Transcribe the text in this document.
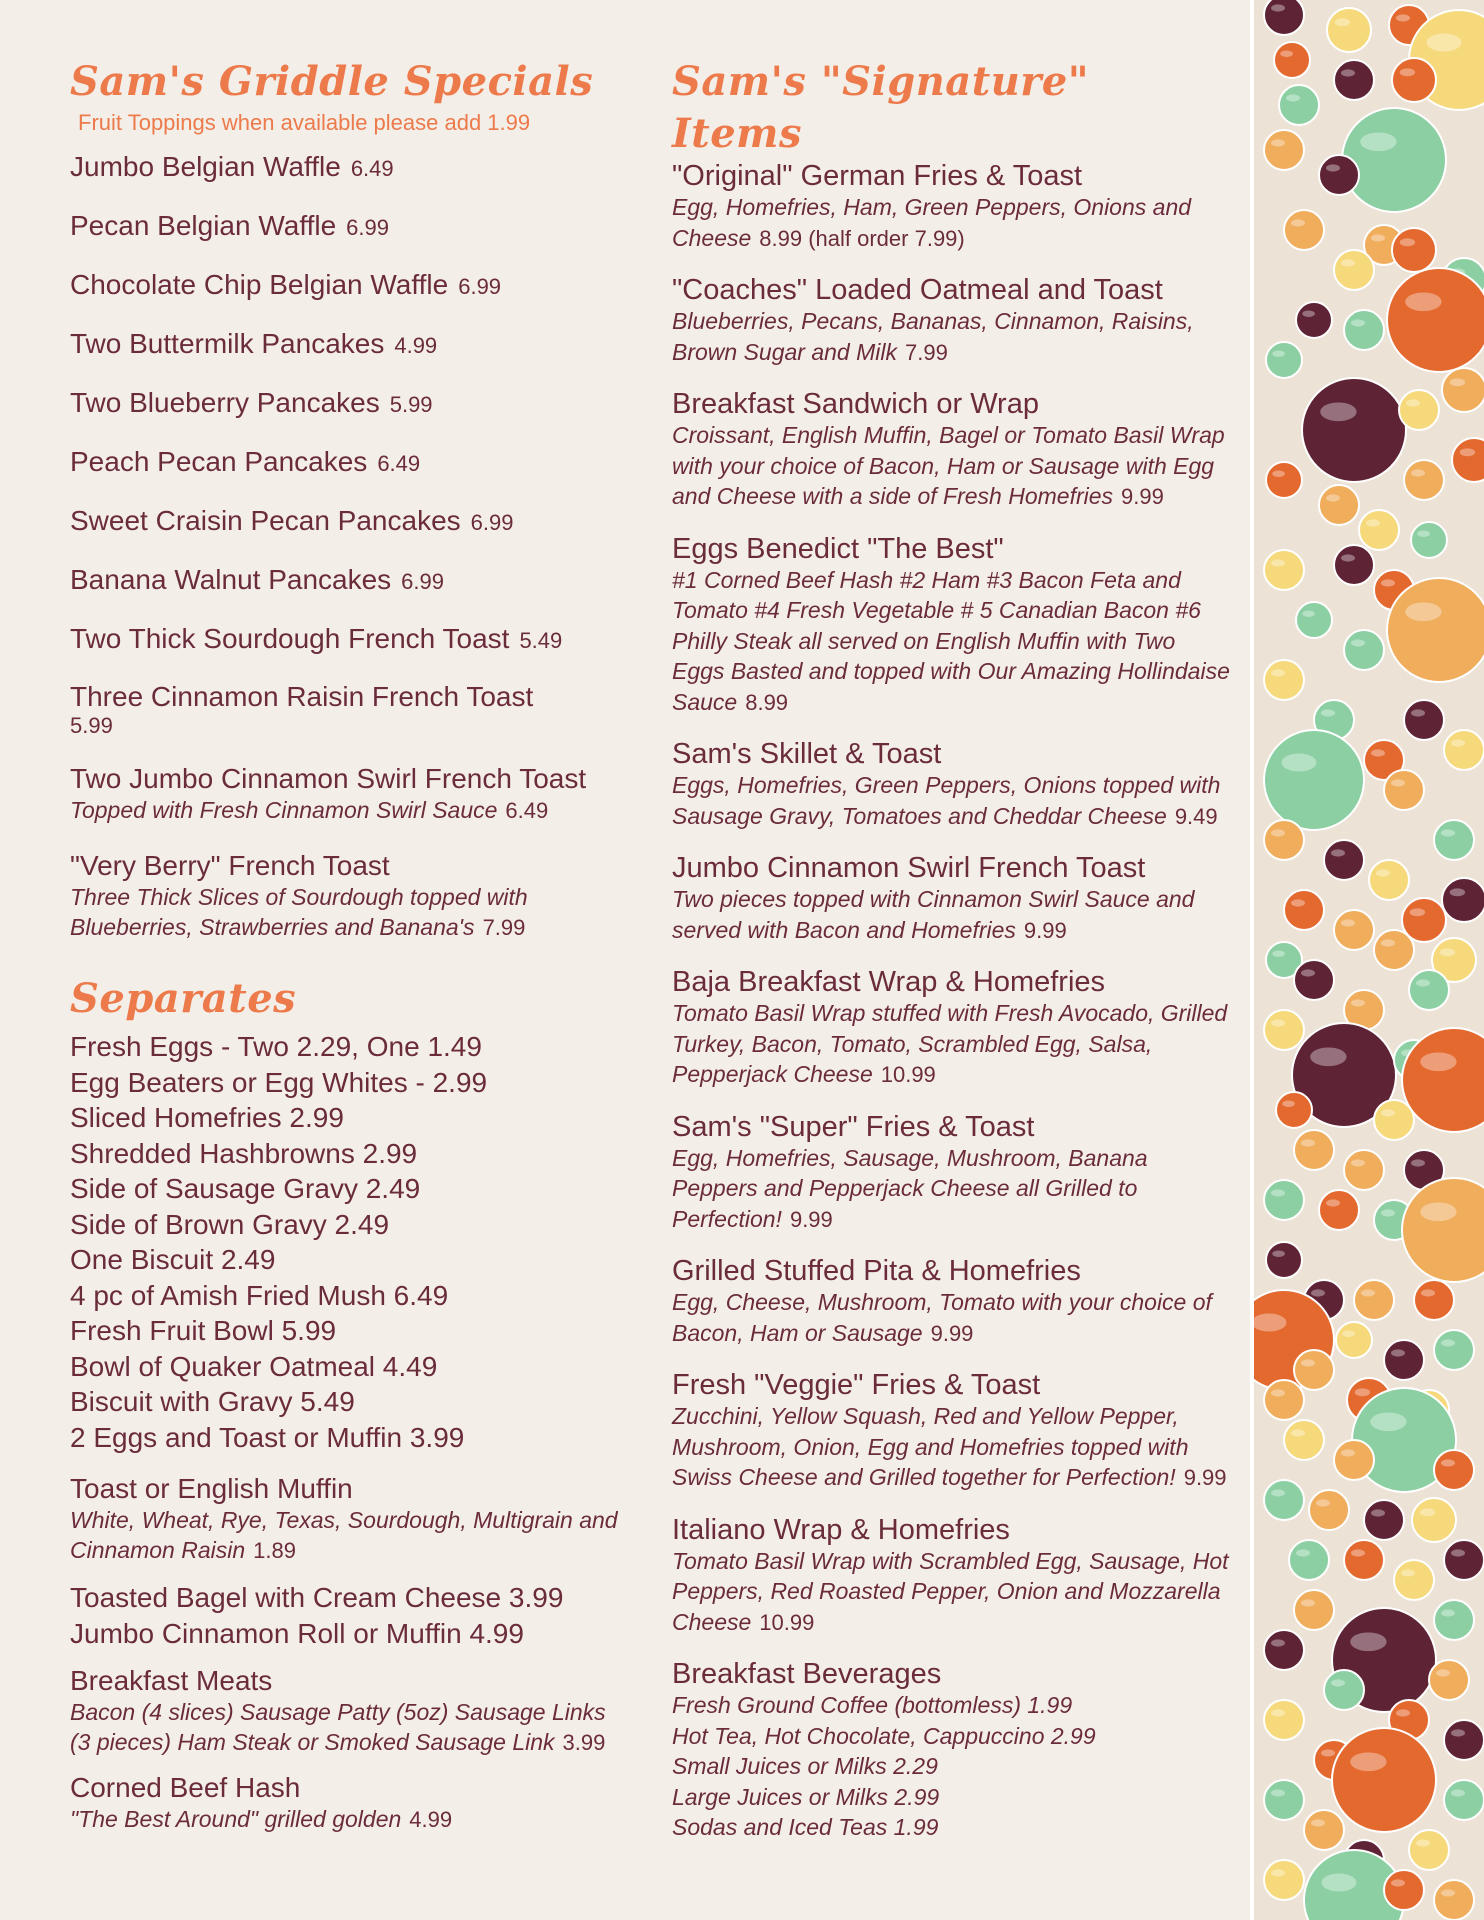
Sam's Griddle Specials
Fruit Toppings when available please add 1.99
Jumbo Belgian Waffle 6.49
Pecan Belgian Waffle 6.99
Chocolate Chip Belgian Waffle 6.99
Two Buttermilk Pancakes 4.99
Two Blueberry Pancakes 5.99
Peach Pecan Pancakes 6.49
Sweet Craisin Pecan Pancakes 6.99
Banana Walnut Pancakes 6.99
Two Thick Sourdough French Toast 5.49
Three Cinnamon Raisin French Toast
5.99
Two Jumbo Cinnamon Swirl French Toast
Topped with Fresh Cinnamon Swirl Sauce 6.49
"Very Berry" French Toast
Three Thick Slices of Sourdough topped with Blueberries, Strawberries and Banana's 7.99
Separates
Fresh Eggs - Two 2.29, One 1.49
Egg Beaters or Egg Whites - 2.99
Sliced Homefries 2.99
Shredded Hashbrowns 2.99
Side of Sausage Gravy 2.49
Side of Brown Gravy 2.49
One Biscuit 2.49
4 pc of Amish Fried Mush 6.49
Fresh Fruit Bowl 5.99
Bowl of Quaker Oatmeal 4.49
Biscuit with Gravy 5.49
2 Eggs and Toast or Muffin 3.99
Toast or English Muffin
White, Wheat, Rye, Texas, Sourdough, Multigrain and Cinnamon Raisin 1.89
Toasted Bagel with Cream Cheese 3.99
Jumbo Cinnamon Roll or Muffin 4.99
Breakfast Meats
Bacon (4 slices) Sausage Patty (5oz) Sausage Links (3 pieces) Ham Steak or Smoked Sausage Link 3.99
Corned Beef Hash
"The Best Around" grilled golden 4.99
Sam's "Signature" Items
"Original" German Fries & Toast
Egg, Homefries, Ham, Green Peppers, Onions and Cheese 8.99 (half order 7.99)
"Coaches" Loaded Oatmeal and Toast
Blueberries, Pecans, Bananas, Cinnamon, Raisins, Brown Sugar and Milk 7.99
Breakfast Sandwich or Wrap
Croissant, English Muffin, Bagel or Tomato Basil Wrap with your choice of Bacon, Ham or Sausage with Egg and Cheese with a side of Fresh Homefries 9.99
Eggs Benedict "The Best"
#1 Corned Beef Hash #2 Ham #3 Bacon Feta and Tomato #4 Fresh Vegetable # 5 Canadian Bacon #6 Philly Steak all served on English Muffin with Two Eggs Basted and topped with Our Amazing Hollindaise Sauce 8.99
Sam's Skillet & Toast
Eggs, Homefries, Green Peppers, Onions topped with Sausage Gravy, Tomatoes and Cheddar Cheese 9.49
Jumbo Cinnamon Swirl French Toast
Two pieces topped with Cinnamon Swirl Sauce and served with Bacon and Homefries 9.99
Baja Breakfast Wrap & Homefries
Tomato Basil Wrap stuffed with Fresh Avocado, Grilled Turkey, Bacon, Tomato, Scrambled Egg, Salsa, Pepperjack Cheese 10.99
Sam's "Super" Fries & Toast
Egg, Homefries, Sausage, Mushroom, Banana Peppers and Pepperjack Cheese all Grilled to Perfection! 9.99
Grilled Stuffed Pita & Homefries
Egg, Cheese, Mushroom, Tomato with your choice of Bacon, Ham or Sausage 9.99
Fresh "Veggie" Fries & Toast
Zucchini, Yellow Squash, Red and Yellow Pepper, Mushroom, Onion, Egg and Homefries topped with Swiss Cheese and Grilled together for Perfection! 9.99
Italiano Wrap & Homefries
Tomato Basil Wrap with Scrambled Egg, Sausage, Hot Peppers, Red Roasted Pepper, Onion and Mozzarella Cheese 10.99
Breakfast Beverages
Fresh Ground Coffee (bottomless) 1.99
Hot Tea, Hot Chocolate, Cappuccino 2.99
Small Juices or Milks 2.29
Large Juices or Milks 2.99
Sodas and Iced Teas 1.99
